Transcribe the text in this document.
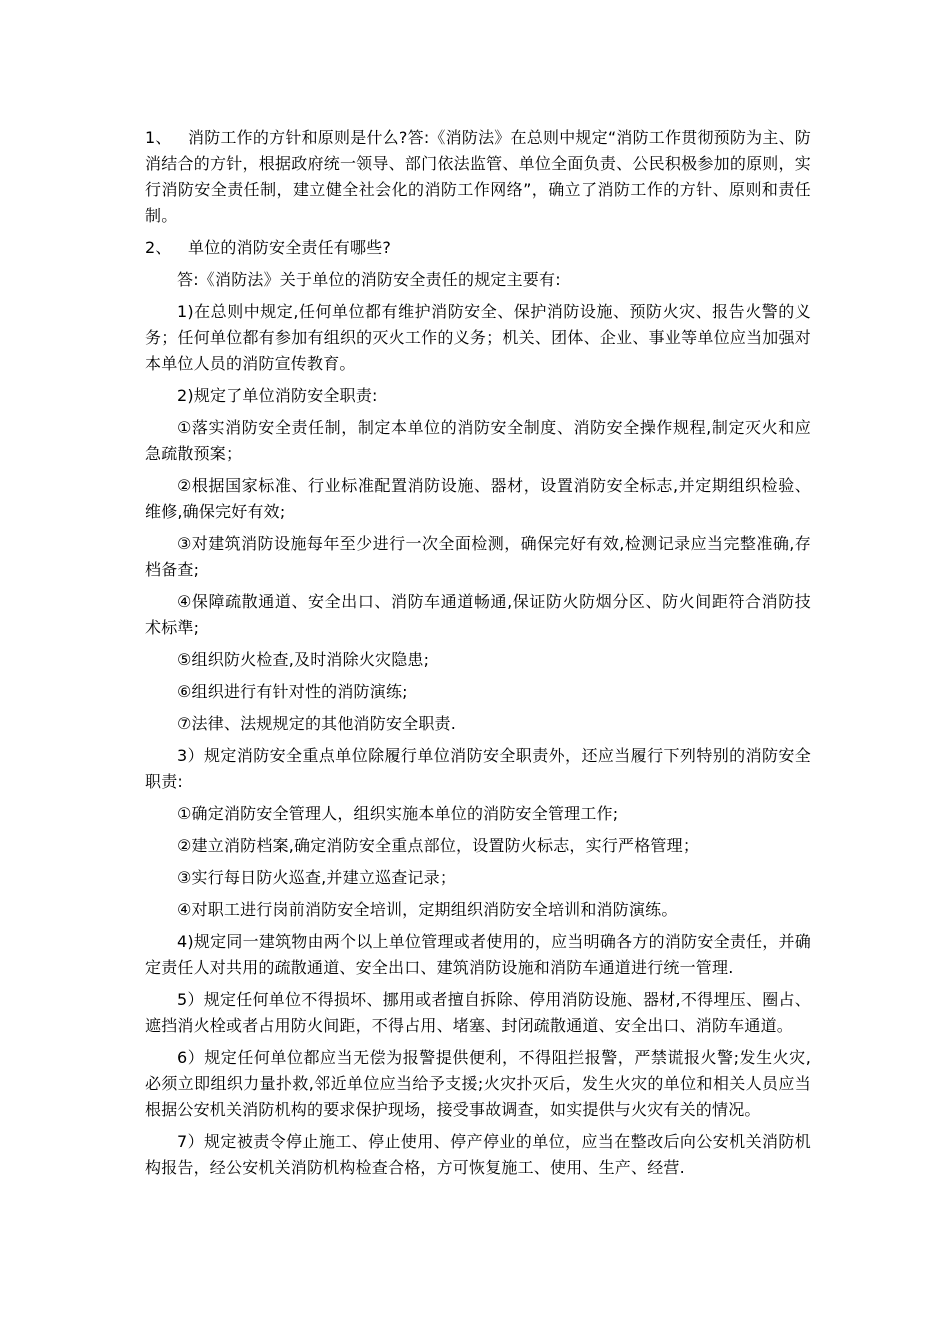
1、 消防工作的方针和原则是什么?答:《消防法》在总则中规定“消防工作贯彻预防为主、防消结合的方针，根据政府统一领导、部门依法监管、单位全面负责、公民积极参加的原则，实行消防安全责任制，建立健全社会化的消防工作网络”，确立了消防工作的方针、原则和责任制。

2、 单位的消防安全责任有哪些?

答:《消防法》关于单位的消防安全责任的规定主要有:

1)在总则中规定,任何单位都有维护消防安全、保护消防设施、预防火灾、报告火警的义务；任何单位都有参加有组织的灭火工作的义务；机关、团体、企业、事业等单位应当加强对本单位人员的消防宣传教育。

2)规定了单位消防安全职责:

①落实消防安全责任制，制定本单位的消防安全制度、消防安全操作规程,制定灭火和应急疏散预案；

②根据国家标准、行业标准配置消防设施、器材，设置消防安全标志,并定期组织检验、维修,确保完好有效;

③对建筑消防设施每年至少进行一次全面检测，确保完好有效,检测记录应当完整准确,存档备查;

④保障疏散通道、安全出口、消防车通道畅通,保证防火防烟分区、防火间距符合消防技术标準;

⑤组织防火检查,及时消除火灾隐患;

⑥组织进行有针对性的消防演练;

⑦法律、法规规定的其他消防安全职责.

3）规定消防安全重点单位除履行单位消防安全职责外，还应当履行下列特别的消防安全职责:

①确定消防安全管理人，组织实施本单位的消防安全管理工作;

②建立消防档案,确定消防安全重点部位，设置防火标志，实行严格管理；

③实行每日防火巡查,并建立巡查记录；

④对职工进行岗前消防安全培训，定期组织消防安全培训和消防演练。

4)规定同一建筑物由两个以上单位管理或者使用的，应当明确各方的消防安全责任，并确定责任人对共用的疏散通道、安全出口、建筑消防设施和消防车通道进行统一管理.

5）规定任何单位不得损坏、挪用或者擅自拆除、停用消防设施、器材,不得埋压、圈占、遮挡消火栓或者占用防火间距，不得占用、堵塞、封闭疏散通道、安全出口、消防车通道。

6）规定任何单位都应当无偿为报警提供便利，不得阻拦报警，严禁谎报火警;发生火灾,必须立即组织力量扑救,邻近单位应当给予支援;火灾扑灭后，发生火灾的单位和相关人员应当根据公安机关消防机构的要求保护现场，接受事故调查，如实提供与火灾有关的情况。

7）规定被责令停止施工、停止使用、停产停业的单位，应当在整改后向公安机关消防机构报告，经公安机关消防机构检查合格，方可恢复施工、使用、生产、经营.
